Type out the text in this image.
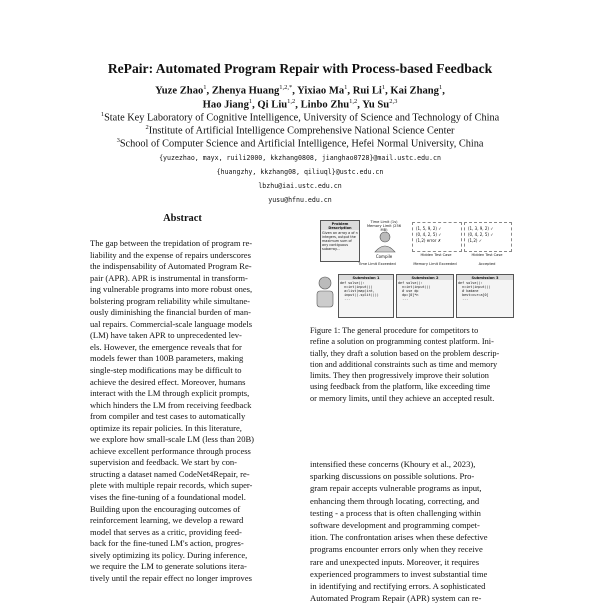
RePair: Automated Program Repair with Process-based Feedback
Yuze Zhao$^1$, Zhenya Huang$^{1,2,*}$, Yixiao Ma$^1$, Rui Li$^1$, Kai Zhang$^1$,
Hao Jiang$^1$, Qi Liu$^{1,2}$, Linbo Zhu$^{1,2}$, Yu Su$^{2,3}$
$^1$State Key Laboratory of Cognitive Intelligence, University of Science and Technology of China
$^2$Institute of Artificial Intelligence Comprehensive National Science Center
$^3$School of Computer Science and Artificial Intelligence, Hefei Normal University, China
{yuzezhao, mayx, ruili2000, kkzhang0808, jianghao0728}@mail.ustc.edu.cn
{huangzhy, kkzhang08, qiliuql}@ustc.edu.cn
lbzhu@iai.ustc.edu.cn
yusu@hfnu.edu.cn
Abstract
The gap between the trepidation of program re-
liability and the expense of repairs underscores
the indispensability of Automated Program Re-
pair (APR). APR is instrumental in transform-
ing vulnerable programs into more robust ones,
bolstering program reliability while simultane-
ously diminishing the financial burden of man-
ual repairs. Commercial-scale language models
(LM) have taken APR to unprecedented lev-
els. However, the emergence reveals that for
models fewer than 100B parameters, making
single-step modifications may be difficult to
achieve the desired effect. Moreover, humans
interact with the LM through explicit prompts,
which hinders the LM from receiving feedback
from compiler and test cases to automatically
optimize its repair policies. In this literature,
we explore how small-scale LM (less than 20B)
achieve excellent performance through process
supervision and feedback. We start by con-
structing a dataset named CodeNet4Repair, re-
plete with multiple repair records, which super-
vises the fine-tuning of a foundational model.
Building upon the encouraging outcomes of
reinforcement learning, we develop a reward
model that serves as a critic, providing feed-
back for the fine-tuned LM's action, progres-
sively optimizing its policy. During inference,
we require the LM to generate solutions itera-
tively until the repair effect no longer improves
Problem Description
Given an array a of n integers, output the maximum sum of any contiguous subarray...
Time Limit (1s) Memory Limit (256 MB)
Compile
(1, 5, 9, 2) ✓
(0, 4, 2, 5) ✓
(1,2) error ✗
Hidden Test Case
(1, 3, 9, 2) ✓
(0, 4, 2, 5) ✓
(1,2) ✓
Hidden Test Case
Time Limit Exceeded	Memory Limit Exceeded	Accepted
Submission 1
def solve():
n=int(input())
a=list(map(int,
input().split()))
...
Submission 2
def solve():
n=int(input())
# use dp
dp=[0]*n
...
Submission 3
def solve():
n=int(input())
# kadane
best=cur=a[0]
...
Figure 1: The general procedure for competitors to
refine a solution on programming contest platform. Ini-
tially, they draft a solution based on the problem descrip-
tion and additional constraints such as time and memory
limits. They then progressively improve their solution
using feedback from the platform, like exceeding time
or memory limits, until they achieve an accepted result.
intensified these concerns (Khoury et al., 2023),
sparking discussions on possible solutions. Pro-
gram repair accepts vulnerable programs as input,
enhancing them through locating, correcting, and
testing - a process that is often challenging within
software development and programming compet-
ition. The confrontation arises when these defective
programs encounter errors only when they receive
rare and unexpected inputs. Moreover, it requires
experienced programmers to invest substantial time
in identifying and rectifying errors. A sophisticated
Automated Program Repair (APR) system can re-
